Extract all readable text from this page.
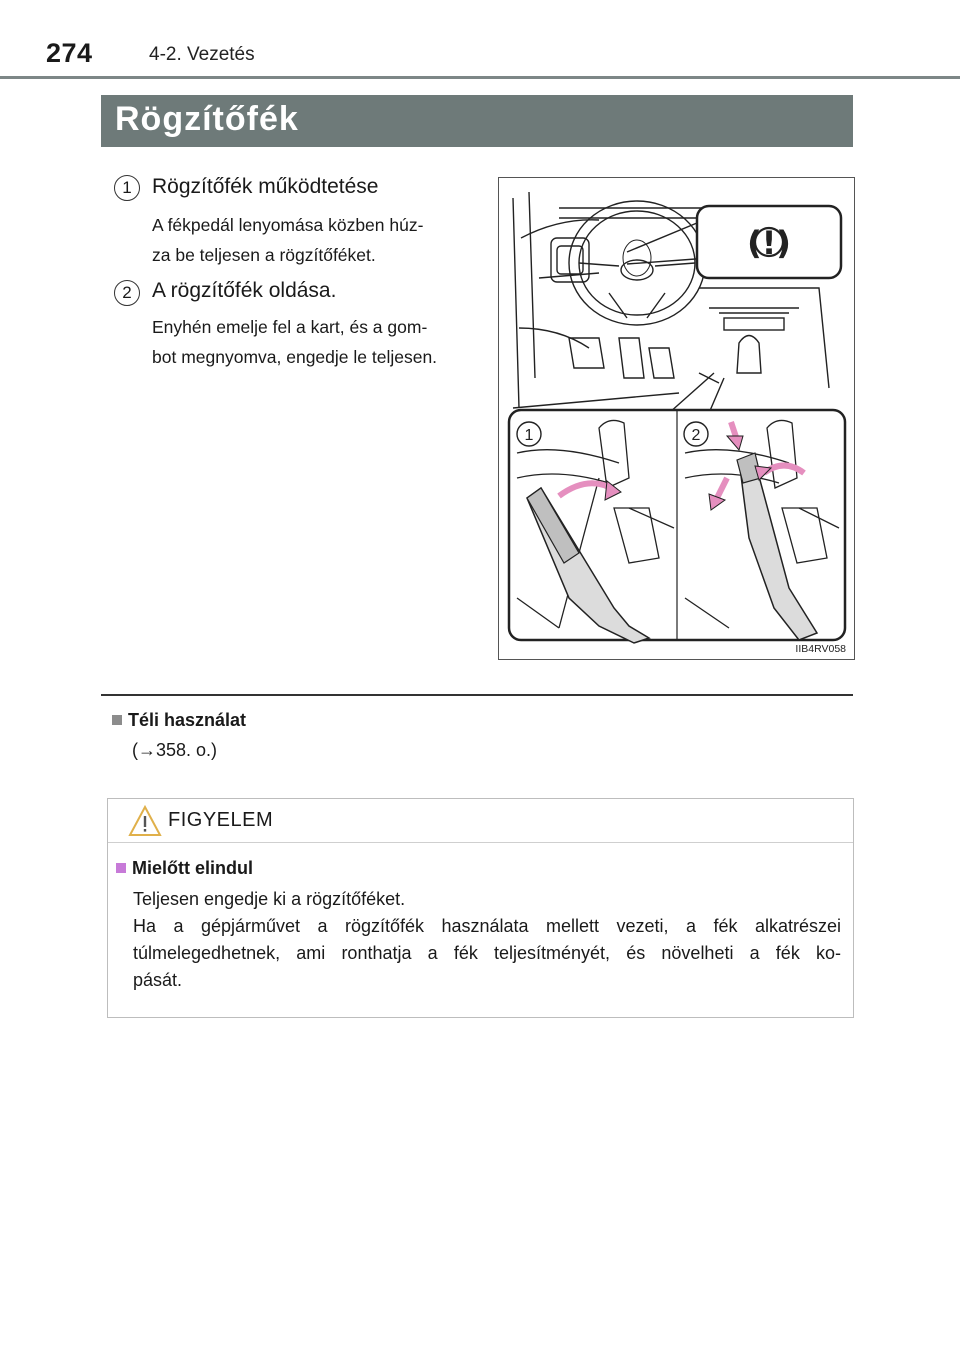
274	4-2. Vezetés
Rögzítőfék
1 Rögzítőfék működtetése
A fékpedál lenyomása közben húz-
za be teljesen a rögzítőféket.
2 A rögzítőfék oldása.
Enyhén emelje fel a kart, és a gom-
bot megnyomva, engedje le teljesen.
(!)
1	2
IIB4RV058
Téli használat
(→358. o.)
FIGYELEM
Mielőtt elindul
Teljesen engedje ki a rögzítőféket.
Ha a gépjárművet a rögzítőfék használata mellett vezeti, a fék alkatrészei
túlmelegedhetnek, ami ronthatja a fék teljesítményét, és növelheti a fék ko-
pását.
